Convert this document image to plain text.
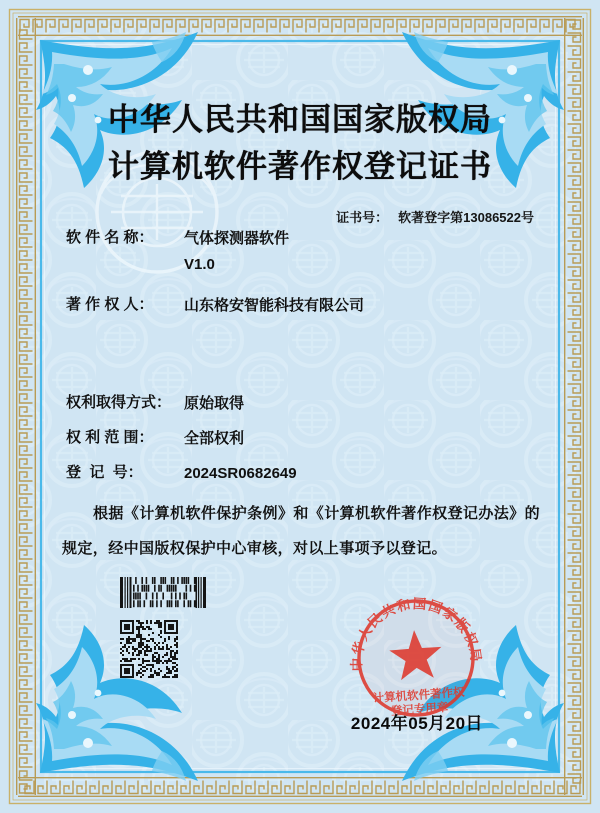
中华人民共和国国家版权局
计算机软件著作权登记证书

证书号： 软著登字第13086522号

软 件 名 称：	气体探测器软件
V1.0
著 作 权 人：	山东格安智能科技有限公司
权利取得方式： 原始取得
权 利 范 围：	全部权利
登  记  号：	2024SR0682649
根据《计算机软件保护条例》和《计算机软件著作权登记办法》的规定，经中国版权保护中心审核，对以上事项予以登记。
中华人民共和国国家版权局
计算机软件著作权
登记专用章
2024年05月20日
